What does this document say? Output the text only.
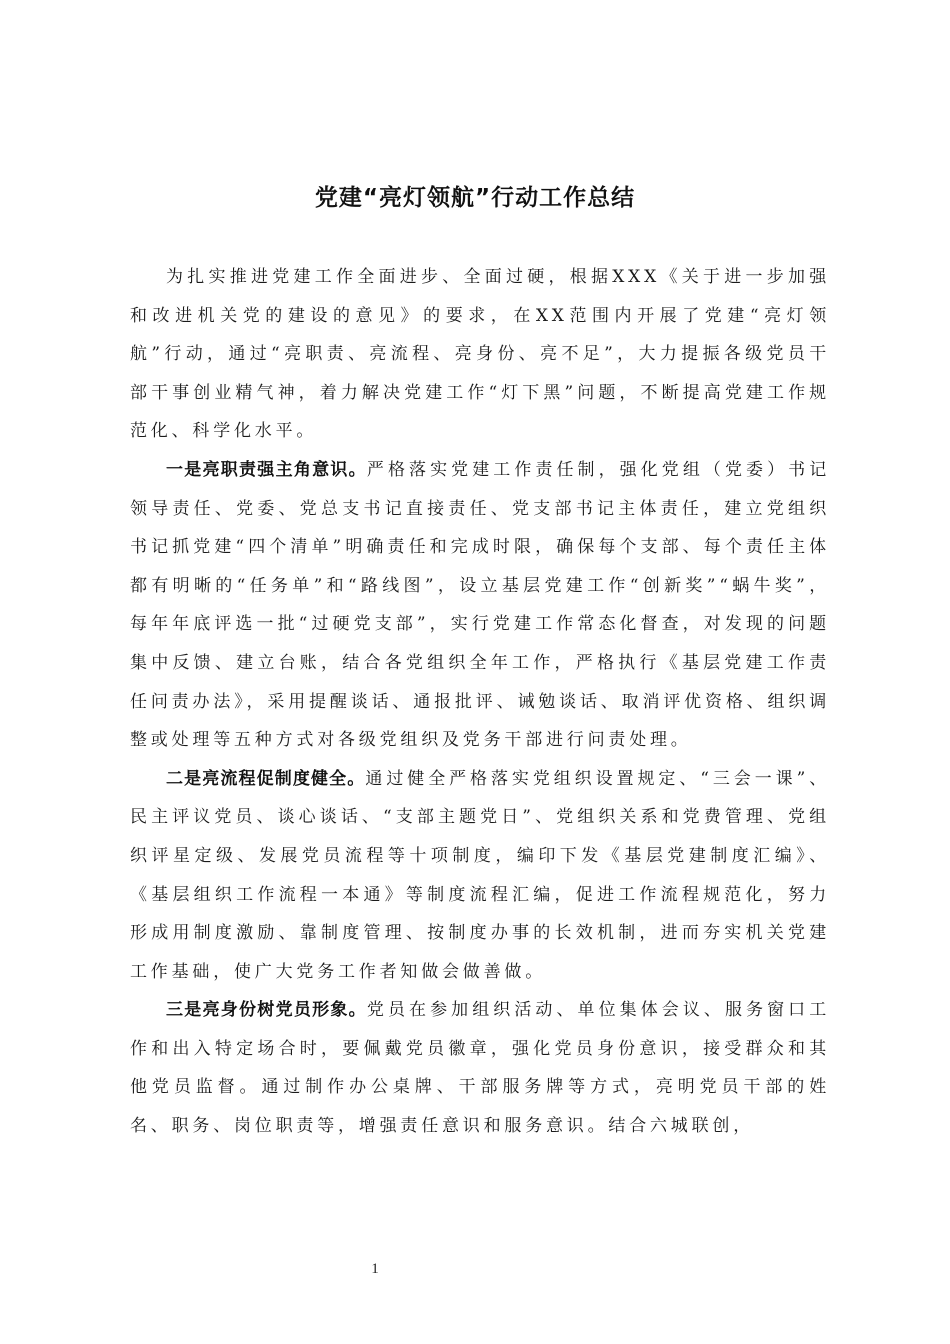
党建“亮灯领航”行动工作总结

为扎实推进党建工作全面进步、全面过硬，根据XXX《关于进一步加强和改进机关党的建设的意见》的要求，在XX范围内开展了党建“亮灯领航”行动，通过“亮职责、亮流程、亮身份、亮不足”，大力提振各级党员干部干事创业精气神，着力解决党建工作“灯下黑”问题，不断提高党建工作规范化、科学化水平。

一是亮职责强主角意识。严格落实党建工作责任制，强化党组（党委）书记领导责任、党委、党总支书记直接责任、党支部书记主体责任，建立党组织书记抓党建“四个清单”明确责任和完成时限，确保每个支部、每个责任主体都有明晰的“任务单”和“路线图”，设立基层党建工作“创新奖”“蜗牛奖”，每年年底评选一批“过硬党支部”，实行党建工作常态化督查，对发现的问题集中反馈、建立台账，结合各党组织全年工作，严格执行《基层党建工作责任问责办法》，采用提醒谈话、通报批评、诫勉谈话、取消评优资格、组织调整或处理等五种方式对各级党组织及党务干部进行问责处理。

二是亮流程促制度健全。通过健全严格落实党组织设置规定、“三会一课”、民主评议党员、谈心谈话、“支部主题党日”、党组织关系和党费管理、党组织评星定级、发展党员流程等十项制度，编印下发《基层党建制度汇编》、《基层组织工作流程一本通》等制度流程汇编，促进工作流程规范化，努力形成用制度激励、靠制度管理、按制度办事的长效机制，进而夯实机关党建工作基础，使广大党务工作者知做会做善做。

三是亮身份树党员形象。党员在参加组织活动、单位集体会议、服务窗口工作和出入特定场合时，要佩戴党员徽章，强化党员身份意识，接受群众和其他党员监督。通过制作办公桌牌、干部服务牌等方式，亮明党员干部的姓名、职务、岗位职责等，增强责任意识和服务意识。结合六城联创，

1
